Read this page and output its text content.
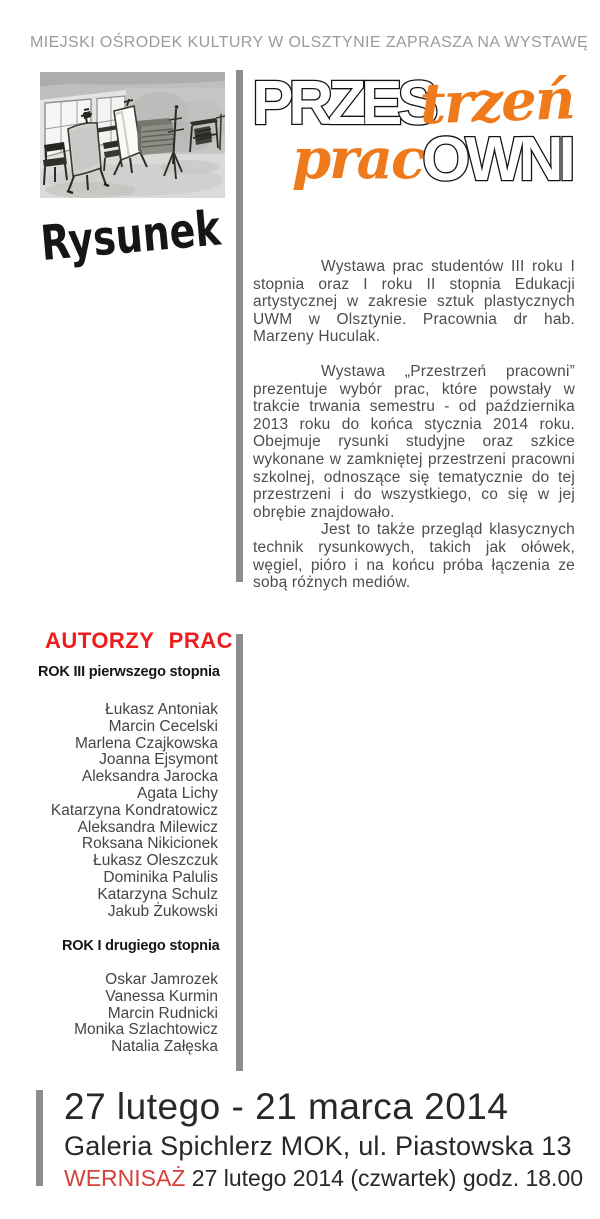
MIEJSKI OŚRODEK KULTURY W OLSZTYNIE ZAPRASZA NA WYSTAWĘ
PRZES
trzeń
prac
OWNI
Rysunek	Wystawa prac studentów III roku I stopnia oraz I roku II stopnia Edukacji artystycznej w zakresie sztuk plastycznych UWM w Olsztynie. Pracownia dr hab. Marzeny Huculak.

Wystawa „Przestrzeń pracowni” prezentuje wybór prac, które powstały w trakcie trwania semestru - od października 2013 roku do końca stycznia 2014 roku. Obejmuje rysunki studyjne oraz szkice wykonane w zamkniętej przestrzeni pracowni szkolnej, odnoszące się tematycznie do tej przestrzeni i do wszystkiego, co się w jej obrębie znajdowało.

Jest to także przegląd klasycznych technik rysunkowych, takich jak ołówek, węgiel, pióro i na końcu próba łączenia ze sobą różnych mediów.

AUTORZY PRAC
ROK III pierwszego stopnia
Łukasz Antoniak
Marcin Cecelski
Marlena Czajkowska
Joanna Ejsymont
Aleksandra Jarocka
Agata Lichy
Katarzyna Kondratowicz
Aleksandra Milewicz
Roksana Nikicionek
Łukasz Oleszczuk
Dominika Palulis
Katarzyna Schulz
Jakub Żukowski
ROK I drugiego stopnia
Oskar Jamrozek
Vanessa Kurmin
Marcin Rudnicki
Monika Szlachtowicz
Natalia Załęska
27 lutego - 21 marca 2014
Galeria Spichlerz MOK, ul. Piastowska 13
WERNISAŻ 27 lutego 2014 (czwartek) godz. 18.00
